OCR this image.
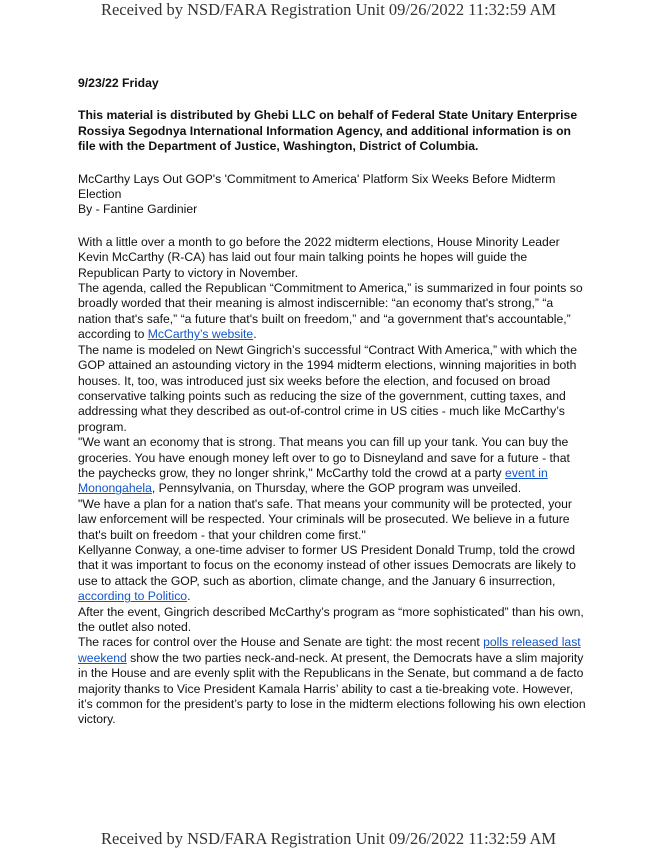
Received by NSD/FARA Registration Unit 09/26/2022 11:32:59 AM

9/23/22 Friday

This material is distributed by Ghebi LLC on behalf of Federal State Unitary Enterprise Rossiya Segodnya International Information Agency, and additional information is on file with the Department of Justice, Washington, District of Columbia.

McCarthy Lays Out GOP's 'Commitment to America' Platform Six Weeks Before Midterm Election

By - Fantine Gardinier

With a little over a month to go before the 2022 midterm elections, House Minority Leader Kevin McCarthy (R-CA) has laid out four main talking points he hopes will guide the Republican Party to victory in November.

The agenda, called the Republican “Commitment to America,” is summarized in four points so broadly worded that their meaning is almost indiscernible: “an economy that's strong,” “a nation that's safe,” “a future that's built on freedom,” and “a government that's accountable,” according to McCarthy’s website.

The name is modeled on Newt Gingrich’s successful “Contract With America,” with which the GOP attained an astounding victory in the 1994 midterm elections, winning majorities in both houses. It, too, was introduced just six weeks before the election, and focused on broad conservative talking points such as reducing the size of the government, cutting taxes, and addressing what they described as out-of-control crime in US cities - much like McCarthy’s program.

"We want an economy that is strong. That means you can fill up your tank. You can buy the groceries. You have enough money left over to go to Disneyland and save for a future - that the paychecks grow, they no longer shrink," McCarthy told the crowd at a party event in Monongahela, Pennsylvania, on Thursday, where the GOP program was unveiled.

"We have a plan for a nation that's safe. That means your community will be protected, your law enforcement will be respected. Your criminals will be prosecuted. We believe in a future that's built on freedom - that your children come first."

Kellyanne Conway, a one-time adviser to former US President Donald Trump, told the crowd that it was important to focus on the economy instead of other issues Democrats are likely to use to attack the GOP, such as abortion, climate change, and the January 6 insurrection, according to Politico.

After the event, Gingrich described McCarthy’s program as “more sophisticated” than his own, the outlet also noted.

The races for control over the House and Senate are tight: the most recent polls released last weekend show the two parties neck-and-neck. At present, the Democrats have a slim majority in the House and are evenly split with the Republicans in the Senate, but command a de facto majority thanks to Vice President Kamala Harris’ ability to cast a tie-breaking vote. However, it’s common for the president’s party to lose in the midterm elections following his own election victory.

Received by NSD/FARA Registration Unit 09/26/2022 11:32:59 AM
